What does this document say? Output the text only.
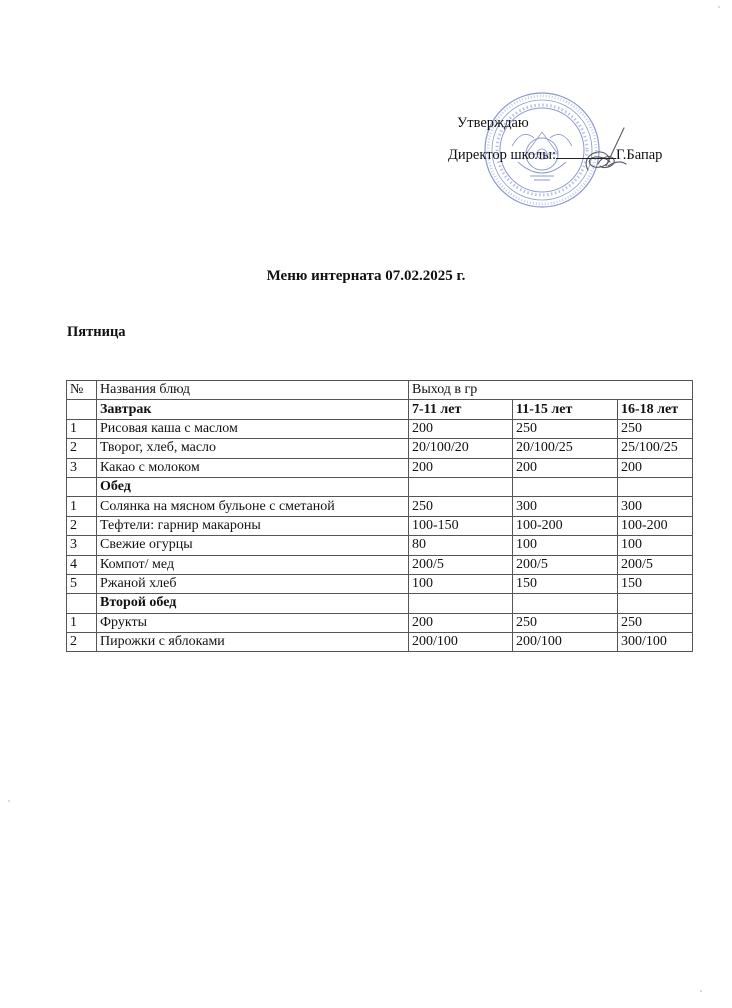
Утверждаю
Директор школы:	Г.Бапар
Меню интерната 07.02.2025 г.
Пятница
№	Названия блюд	Выход в гр		
	Завтрак	7-11 лет	11-15 лет	16-18 лет
1	Рисовая каша с маслом	200	250	250
2	Творог, хлеб, масло	20/100/20	20/100/25	25/100/25
3	Какао с молоком	200	200	200
	Обед			
1	Солянка на мясном бульоне с сметаной	250	300	300
2	Тефтели: гарнир макароны	100-150	100-200	100-200
3	Свежие огурцы	80	100	100
4	Компот/ мед	200/5	200/5	200/5
5	Ржаной хлеб	100	150	150
	Второй обед			
1	Фрукты	200	250	250
2	Пирожки с яблоками	200/100	200/100	300/100
